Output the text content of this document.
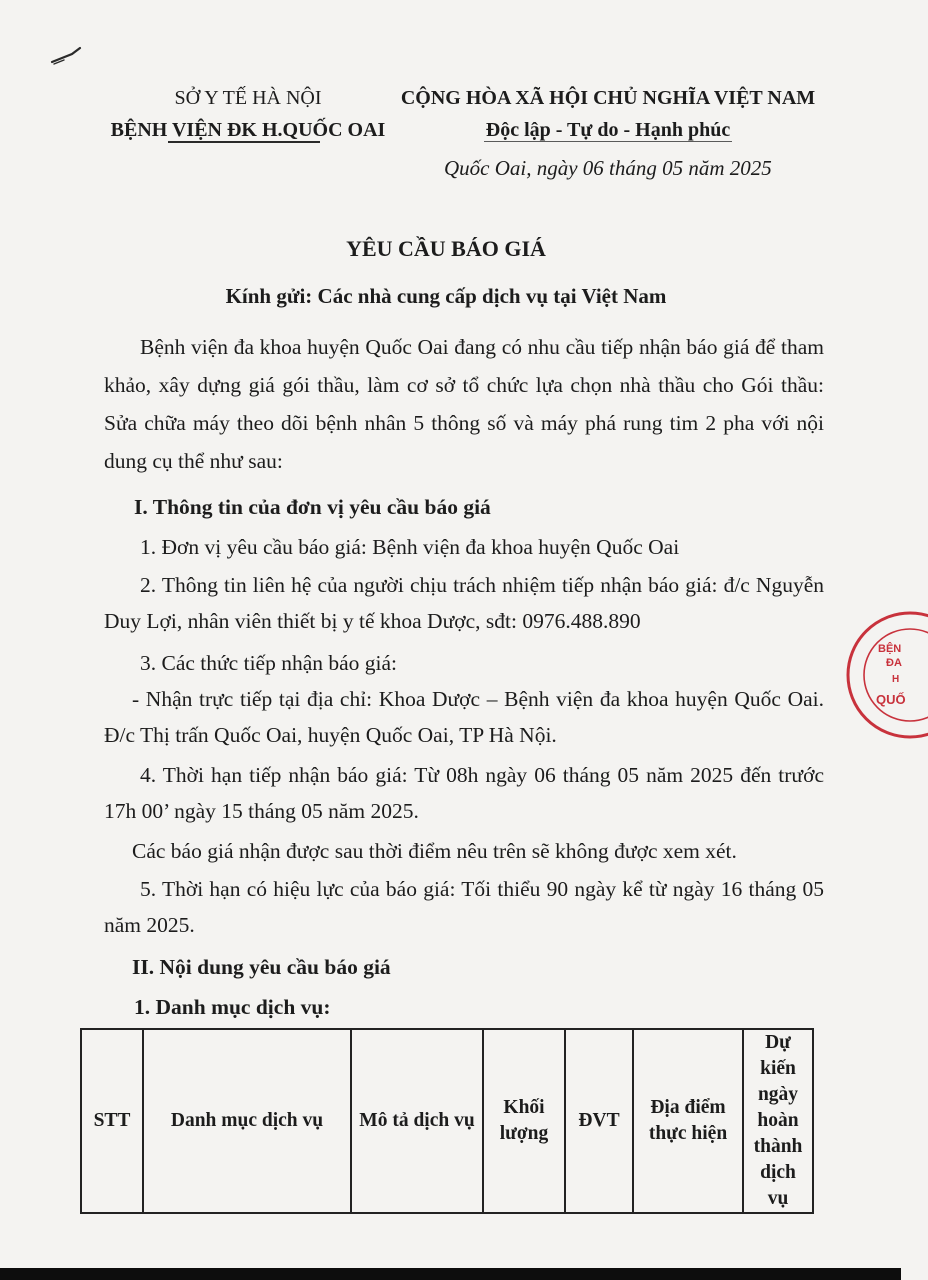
SỞ Y TẾ HÀ NỘI
BỆNH VIỆN ĐK H.QUỐC OAI
CỘNG HÒA XÃ HỘI CHỦ NGHĨA VIỆT NAM
Độc lập - Tự do - Hạnh phúc
Quốc Oai, ngày 06 tháng 05 năm 2025
YÊU CẦU BÁO GIÁ
Kính gửi: Các nhà cung cấp dịch vụ tại Việt Nam
Bệnh viện đa khoa huyện Quốc Oai đang có nhu cầu tiếp nhận báo giá để tham
khảo, xây dựng giá gói thầu, làm cơ sở tổ chức lựa chọn nhà thầu cho Gói thầu:
Sửa chữa máy theo dõi bệnh nhân 5 thông số và máy phá rung tim 2 pha với nội
dung cụ thể như sau:
I. Thông tin của đơn vị yêu cầu báo giá
1. Đơn vị yêu cầu báo giá: Bệnh viện đa khoa huyện Quốc Oai
2. Thông tin liên hệ của người chịu trách nhiệm tiếp nhận báo giá: đ/c Nguyễn
Duy Lợi, nhân viên thiết bị y tế khoa Dược, sđt: 0976.488.890
3. Các thức tiếp nhận báo giá:
- Nhận trực tiếp tại địa chỉ: Khoa Dược – Bệnh viện đa khoa huyện Quốc Oai.
Đ/c Thị trấn Quốc Oai, huyện Quốc Oai, TP Hà Nội.
4. Thời hạn tiếp nhận báo giá: Từ 08h ngày 06 tháng 05 năm 2025 đến trước
17h 00’ ngày 15 tháng 05 năm 2025.
Các báo giá nhận được sau thời điểm nêu trên sẽ không được xem xét.
5. Thời hạn có hiệu lực của báo giá: Tối thiểu 90 ngày kể từ ngày 16 tháng 05
năm 2025.
II. Nội dung yêu cầu báo giá
1. Danh mục dịch vụ:
STT	Danh mục dịch vụ	Mô tả dịch vụ	Khối lượng	ĐVT	Địa điểm thực hiện	Dự kiến ngày hoàn thành dịch vụ
BỆN
ĐA
H
QUỐ
